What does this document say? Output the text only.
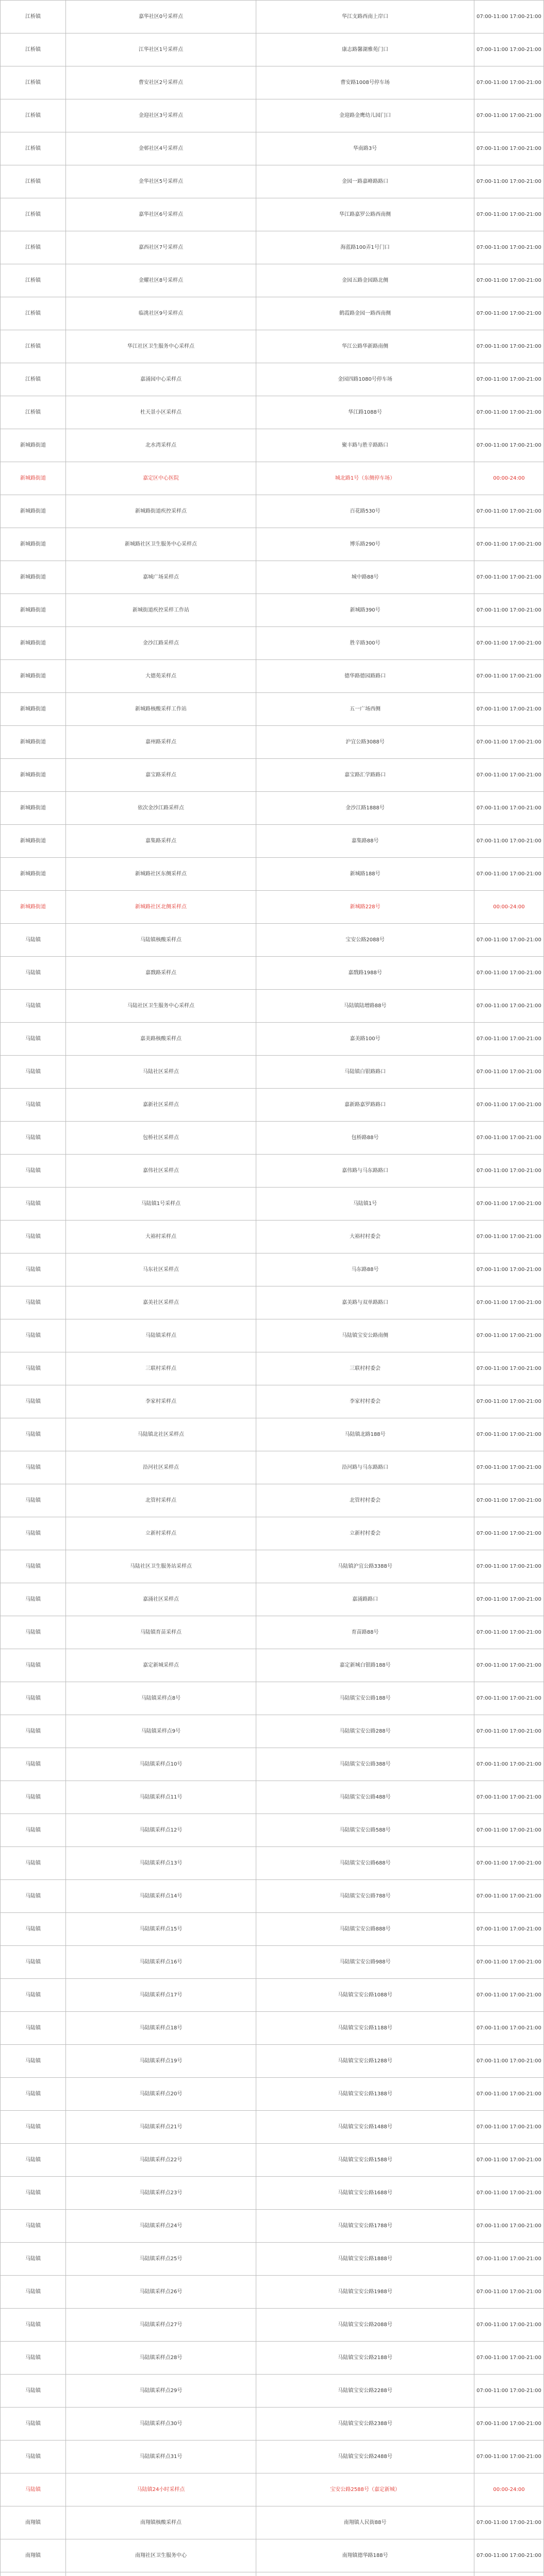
江桥镇	嘉华社区0号采样点	华江支路西南上岸口	07:00-11:00 17:00-21:00
江桥镇	江华社区1号采样点	康志路馨湖雅苑门口	07:00-11:00 17:00-21:00
江桥镇	曹安社区2号采样点	曹安路1008号停车场	07:00-11:00 17:00-21:00
江桥镇	金迎社区3号采样点	金迎路金鹰幼儿园门口	07:00-11:00 17:00-21:00
江桥镇	金邨社区4号采样点	华南路3号	07:00-11:00 17:00-21:00
江桥镇	金华社区5号采样点	金园一路嘉峰路路口	07:00-11:00 17:00-21:00
江桥镇	嘉华社区6号采样点	华江路嘉罗公路西南侧	07:00-11:00 17:00-21:00
江桥镇	嘉西社区7号采样点	海蓝路100弄1号门口	07:00-11:00 17:00-21:00
江桥镇	金耀社区8号采样点	金园五路金园路北侧	07:00-11:00 17:00-21:00
江桥镇	临洮社区9号采样点	鹤霞路金园一路西南侧	07:00-11:00 17:00-21:00
江桥镇	华江社区卫生服务中心采样点	华江公路华新路南侧	07:00-11:00 17:00-21:00
江桥镇	嘉涌园中心采样点	金园四路1080号停车场	07:00-11:00 17:00-21:00
江桥镇	杜天景小区采样点	华江路1088号	07:00-11:00 17:00-21:00
新城路街道	北水湾采样点	聚丰路与胜辛路路口	07:00-11:00 17:00-21:00
新城路街道	嘉定区中心医院	城北路1号（东侧停车场）	00:00-24:00
新城路街道	新城路街道疾控采样点	百花路530号	07:00-11:00 17:00-21:00
新城路街道	新城路社区卫生服务中心采样点	博乐路290号	07:00-11:00 17:00-21:00
新城路街道	嘉城广场采样点	城中路88号	07:00-11:00 17:00-21:00
新城路街道	新城街道疾控采样工作站	新城路390号	07:00-11:00 17:00-21:00
新城路街道	金沙江路采样点	胜辛路300号	07:00-11:00 17:00-21:00
新城路街道	大德苑采样点	德华路德园路路口	07:00-11:00 17:00-21:00
新城路街道	新城路核酸采样工作站	五一广场西侧	07:00-11:00 17:00-21:00
新城路街道	嘉州路采样点	沪宜公路3088号	07:00-11:00 17:00-21:00
新城路街道	嘉宝路采样点	嘉宝路汇学路路口	07:00-11:00 17:00-21:00
新城路街道	依次金沙江路采样点	金沙江路1888号	07:00-11:00 17:00-21:00
新城路街道	嘉集路采样点	嘉集路88号	07:00-11:00 17:00-21:00
新城路街道	新城路社区东侧采样点	新城路188号	07:00-11:00 17:00-21:00
新城路街道	新城路社区北侧采样点	新城路228号	00:00-24:00
马陆镇	马陆镇核酸采样点	宝安公路2088号	07:00-11:00 17:00-21:00
马陆镇	嘉戬路采样点	嘉戬路1988号	07:00-11:00 17:00-21:00
马陆镇	马陆社区卫生服务中心采样点	马陆镇陆增路88号	07:00-11:00 17:00-21:00
马陆镇	嘉美路核酸采样点	嘉美路100号	07:00-11:00 17:00-21:00
马陆镇	马陆社区采样点	马陆镇白银路路口	07:00-11:00 17:00-21:00
马陆镇	嘉新社区采样点	嘉新路嘉罗路路口	07:00-11:00 17:00-21:00
马陆镇	包桥社区采样点	包桥路88号	07:00-11:00 17:00-21:00
马陆镇	嘉伟社区采样点	嘉伟路与马东路路口	07:00-11:00 17:00-21:00
马陆镇	马陆镇1号采样点	马陆镇1号	07:00-11:00 17:00-21:00
马陆镇	大裕村采样点	大裕村村委会	07:00-11:00 17:00-21:00
马陆镇	马东社区采样点	马东路88号	07:00-11:00 17:00-21:00
马陆镇	嘉美社区采样点	嘉美路与双单路路口	07:00-11:00 17:00-21:00
马陆镇	马陆镇采样点	马陆镇宝安公路南侧	07:00-11:00 17:00-21:00
马陆镇	三联村采样点	三联村村委会	07:00-11:00 17:00-21:00
马陆镇	李家村采样点	李家村村委会	07:00-11:00 17:00-21:00
马陆镇	马陆镇北社区采样点	马陆镇北路188号	07:00-11:00 17:00-21:00
马陆镇	沿河社区采样点	沿河路与马东路路口	07:00-11:00 17:00-21:00
马陆镇	北管村采样点	北管村村委会	07:00-11:00 17:00-21:00
马陆镇	立新村采样点	立新村村委会	07:00-11:00 17:00-21:00
马陆镇	马陆社区卫生服务站采样点	马陆镇沪宜公路3388号	07:00-11:00 17:00-21:00
马陆镇	嘉涌社区采样点	嘉涌路路口	07:00-11:00 17:00-21:00
马陆镇	马陆镇育苗采样点	育苗路88号	07:00-11:00 17:00-21:00
马陆镇	嘉定新城采样点	嘉定新城白银路188号	07:00-11:00 17:00-21:00
马陆镇	马陆镇采样点8号	马陆镇宝安公路188号	07:00-11:00 17:00-21:00
马陆镇	马陆镇采样点9号	马陆镇宝安公路288号	07:00-11:00 17:00-21:00
马陆镇	马陆镇采样点10号	马陆镇宝安公路388号	07:00-11:00 17:00-21:00
马陆镇	马陆镇采样点11号	马陆镇宝安公路488号	07:00-11:00 17:00-21:00
马陆镇	马陆镇采样点12号	马陆镇宝安公路588号	07:00-11:00 17:00-21:00
马陆镇	马陆镇采样点13号	马陆镇宝安公路688号	07:00-11:00 17:00-21:00
马陆镇	马陆镇采样点14号	马陆镇宝安公路788号	07:00-11:00 17:00-21:00
马陆镇	马陆镇采样点15号	马陆镇宝安公路888号	07:00-11:00 17:00-21:00
马陆镇	马陆镇采样点16号	马陆镇宝安公路988号	07:00-11:00 17:00-21:00
马陆镇	马陆镇采样点17号	马陆镇宝安公路1088号	07:00-11:00 17:00-21:00
马陆镇	马陆镇采样点18号	马陆镇宝安公路1188号	07:00-11:00 17:00-21:00
马陆镇	马陆镇采样点19号	马陆镇宝安公路1288号	07:00-11:00 17:00-21:00
马陆镇	马陆镇采样点20号	马陆镇宝安公路1388号	07:00-11:00 17:00-21:00
马陆镇	马陆镇采样点21号	马陆镇宝安公路1488号	07:00-11:00 17:00-21:00
马陆镇	马陆镇采样点22号	马陆镇宝安公路1588号	07:00-11:00 17:00-21:00
马陆镇	马陆镇采样点23号	马陆镇宝安公路1688号	07:00-11:00 17:00-21:00
马陆镇	马陆镇采样点24号	马陆镇宝安公路1788号	07:00-11:00 17:00-21:00
马陆镇	马陆镇采样点25号	马陆镇宝安公路1888号	07:00-11:00 17:00-21:00
马陆镇	马陆镇采样点26号	马陆镇宝安公路1988号	07:00-11:00 17:00-21:00
马陆镇	马陆镇采样点27号	马陆镇宝安公路2088号	07:00-11:00 17:00-21:00
马陆镇	马陆镇采样点28号	马陆镇宝安公路2188号	07:00-11:00 17:00-21:00
马陆镇	马陆镇采样点29号	马陆镇宝安公路2288号	07:00-11:00 17:00-21:00
马陆镇	马陆镇采样点30号	马陆镇宝安公路2388号	07:00-11:00 17:00-21:00
马陆镇	马陆镇采样点31号	马陆镇宝安公路2488号	07:00-11:00 17:00-21:00
马陆镇	马陆镇24小时采样点	宝安公路2588号（嘉定新城）	00:00-24:00
南翔镇	南翔镇核酸采样点	南翔镇人民街88号	07:00-11:00 17:00-21:00
南翔镇	南翔社区卫生服务中心	南翔镇德华路188号	07:00-11:00 17:00-21:00
